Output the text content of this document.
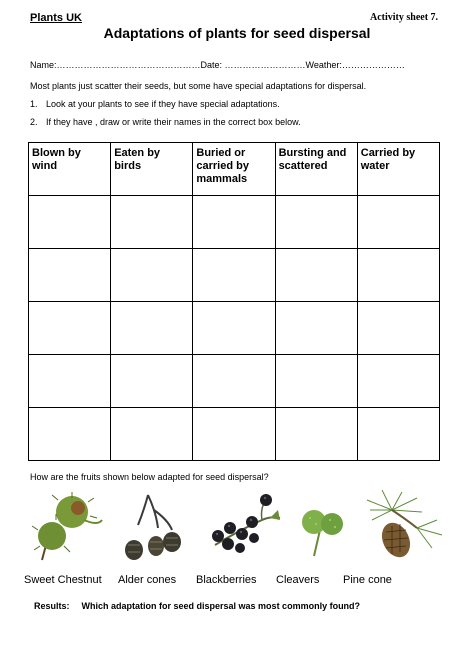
Plants UK	Activity sheet 7.
Adaptations of plants for seed dispersal
Name:…………………………………………Date: ………………………Weather:…………………
Most plants just scatter their seeds, but some have special adaptations for dispersal.
1. Look at your plants to see if they have special adaptations.
2. If they have , draw or write their names in the correct box below.
Blown by wind	Eaten by birds	Buried or carried by mammals	Bursting and scattered	Carried by water

How are the fruits shown below adapted for seed dispersal?
Sweet Chestnut Alder cones Blackberries Cleavers Pine cone
Results: Which adaptation for seed dispersal was most commonly found?
